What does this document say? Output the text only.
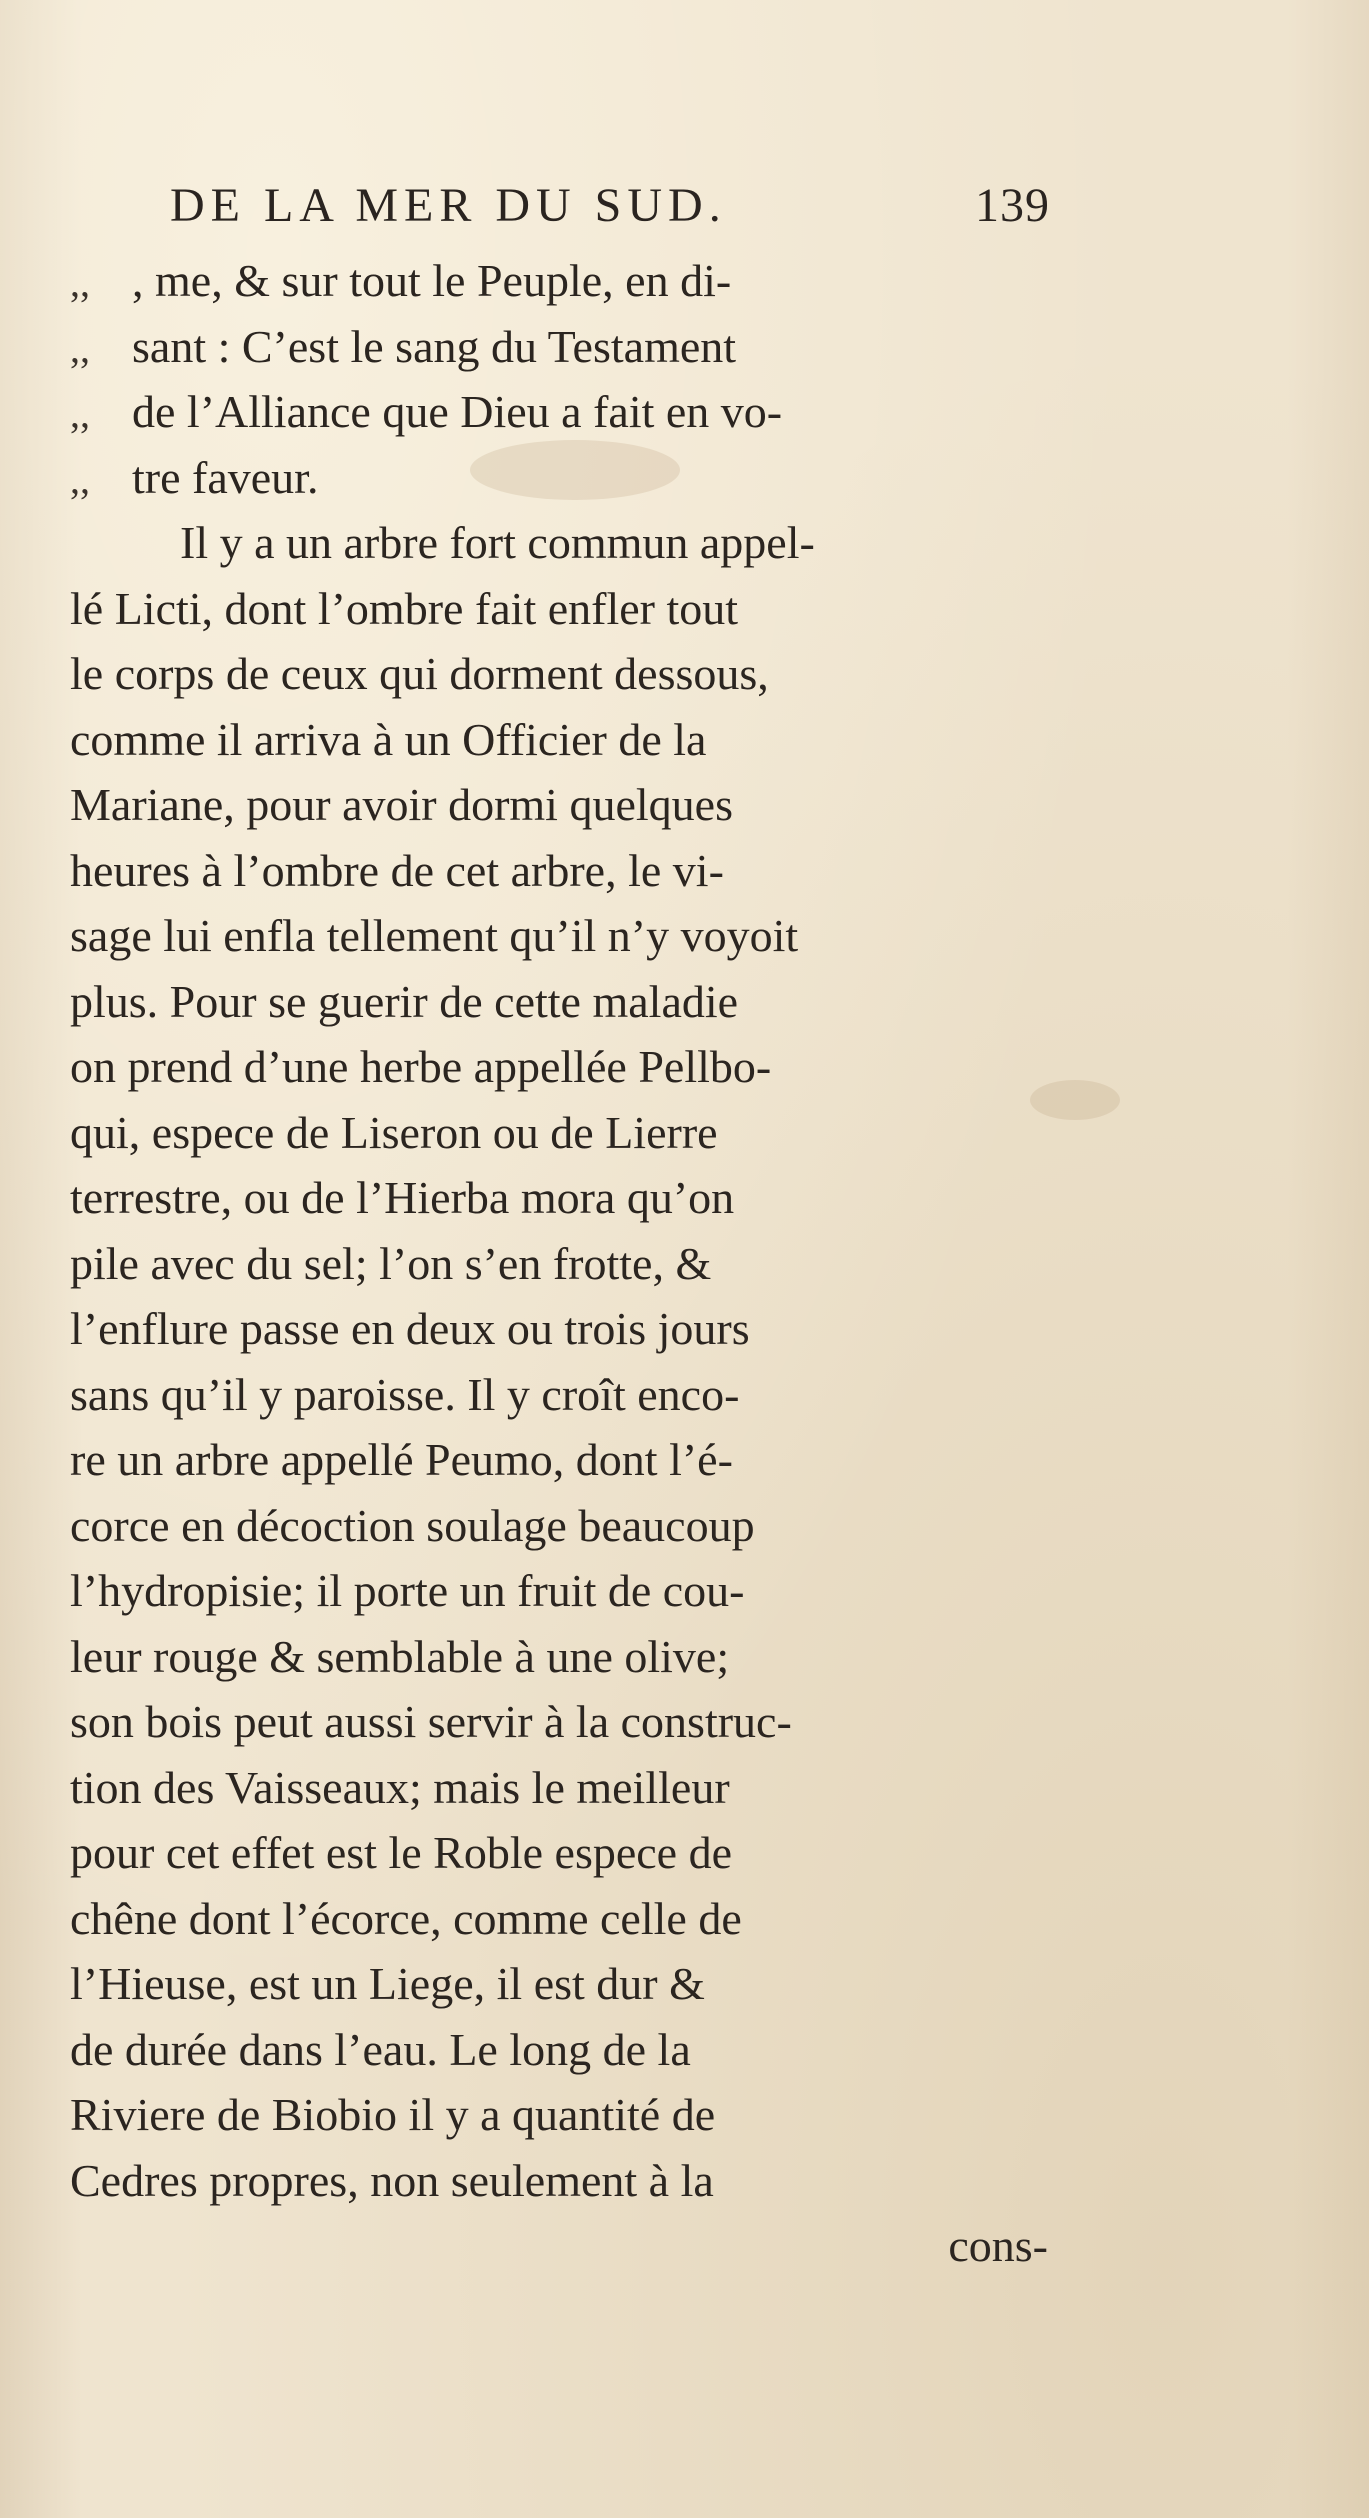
DE LA MER DU SUD.	139
,, , me, & sur tout le Peuple, en di-
,, sant : C’est le sang du Testament
,, de l’Alliance que Dieu a fait en vo-
,, tre faveur.
Il y a un arbre fort commun appel-
lé Licti, dont l’ombre fait enfler tout
le corps de ceux qui dorment dessous,
comme il arriva à un Officier de la
Mariane, pour avoir dormi quelques
heures à l’ombre de cet arbre, le vi-
sage lui enfla tellement qu’il n’y voyoit
plus. Pour se guerir de cette maladie
on prend d’une herbe appellée Pellbo-
qui, espece de Liseron ou de Lierre
terrestre, ou de l’Hierba mora qu’on
pile avec du sel; l’on s’en frotte, &
l’enflure passe en deux ou trois jours
sans qu’il y paroisse. Il y croît enco-
re un arbre appellé Peumo, dont l’é-
corce en décoction soulage beaucoup
l’hydropisie; il porte un fruit de cou-
leur rouge & semblable à une olive;
son bois peut aussi servir à la construc-
tion des Vaisseaux; mais le meilleur
pour cet effet est le Roble espece de
chêne dont l’écorce, comme celle de
l’Hieuse, est un Liege, il est dur &
de durée dans l’eau. Le long de la
Riviere de Biobio il y a quantité de
Cedres propres, non seulement à la
cons-
